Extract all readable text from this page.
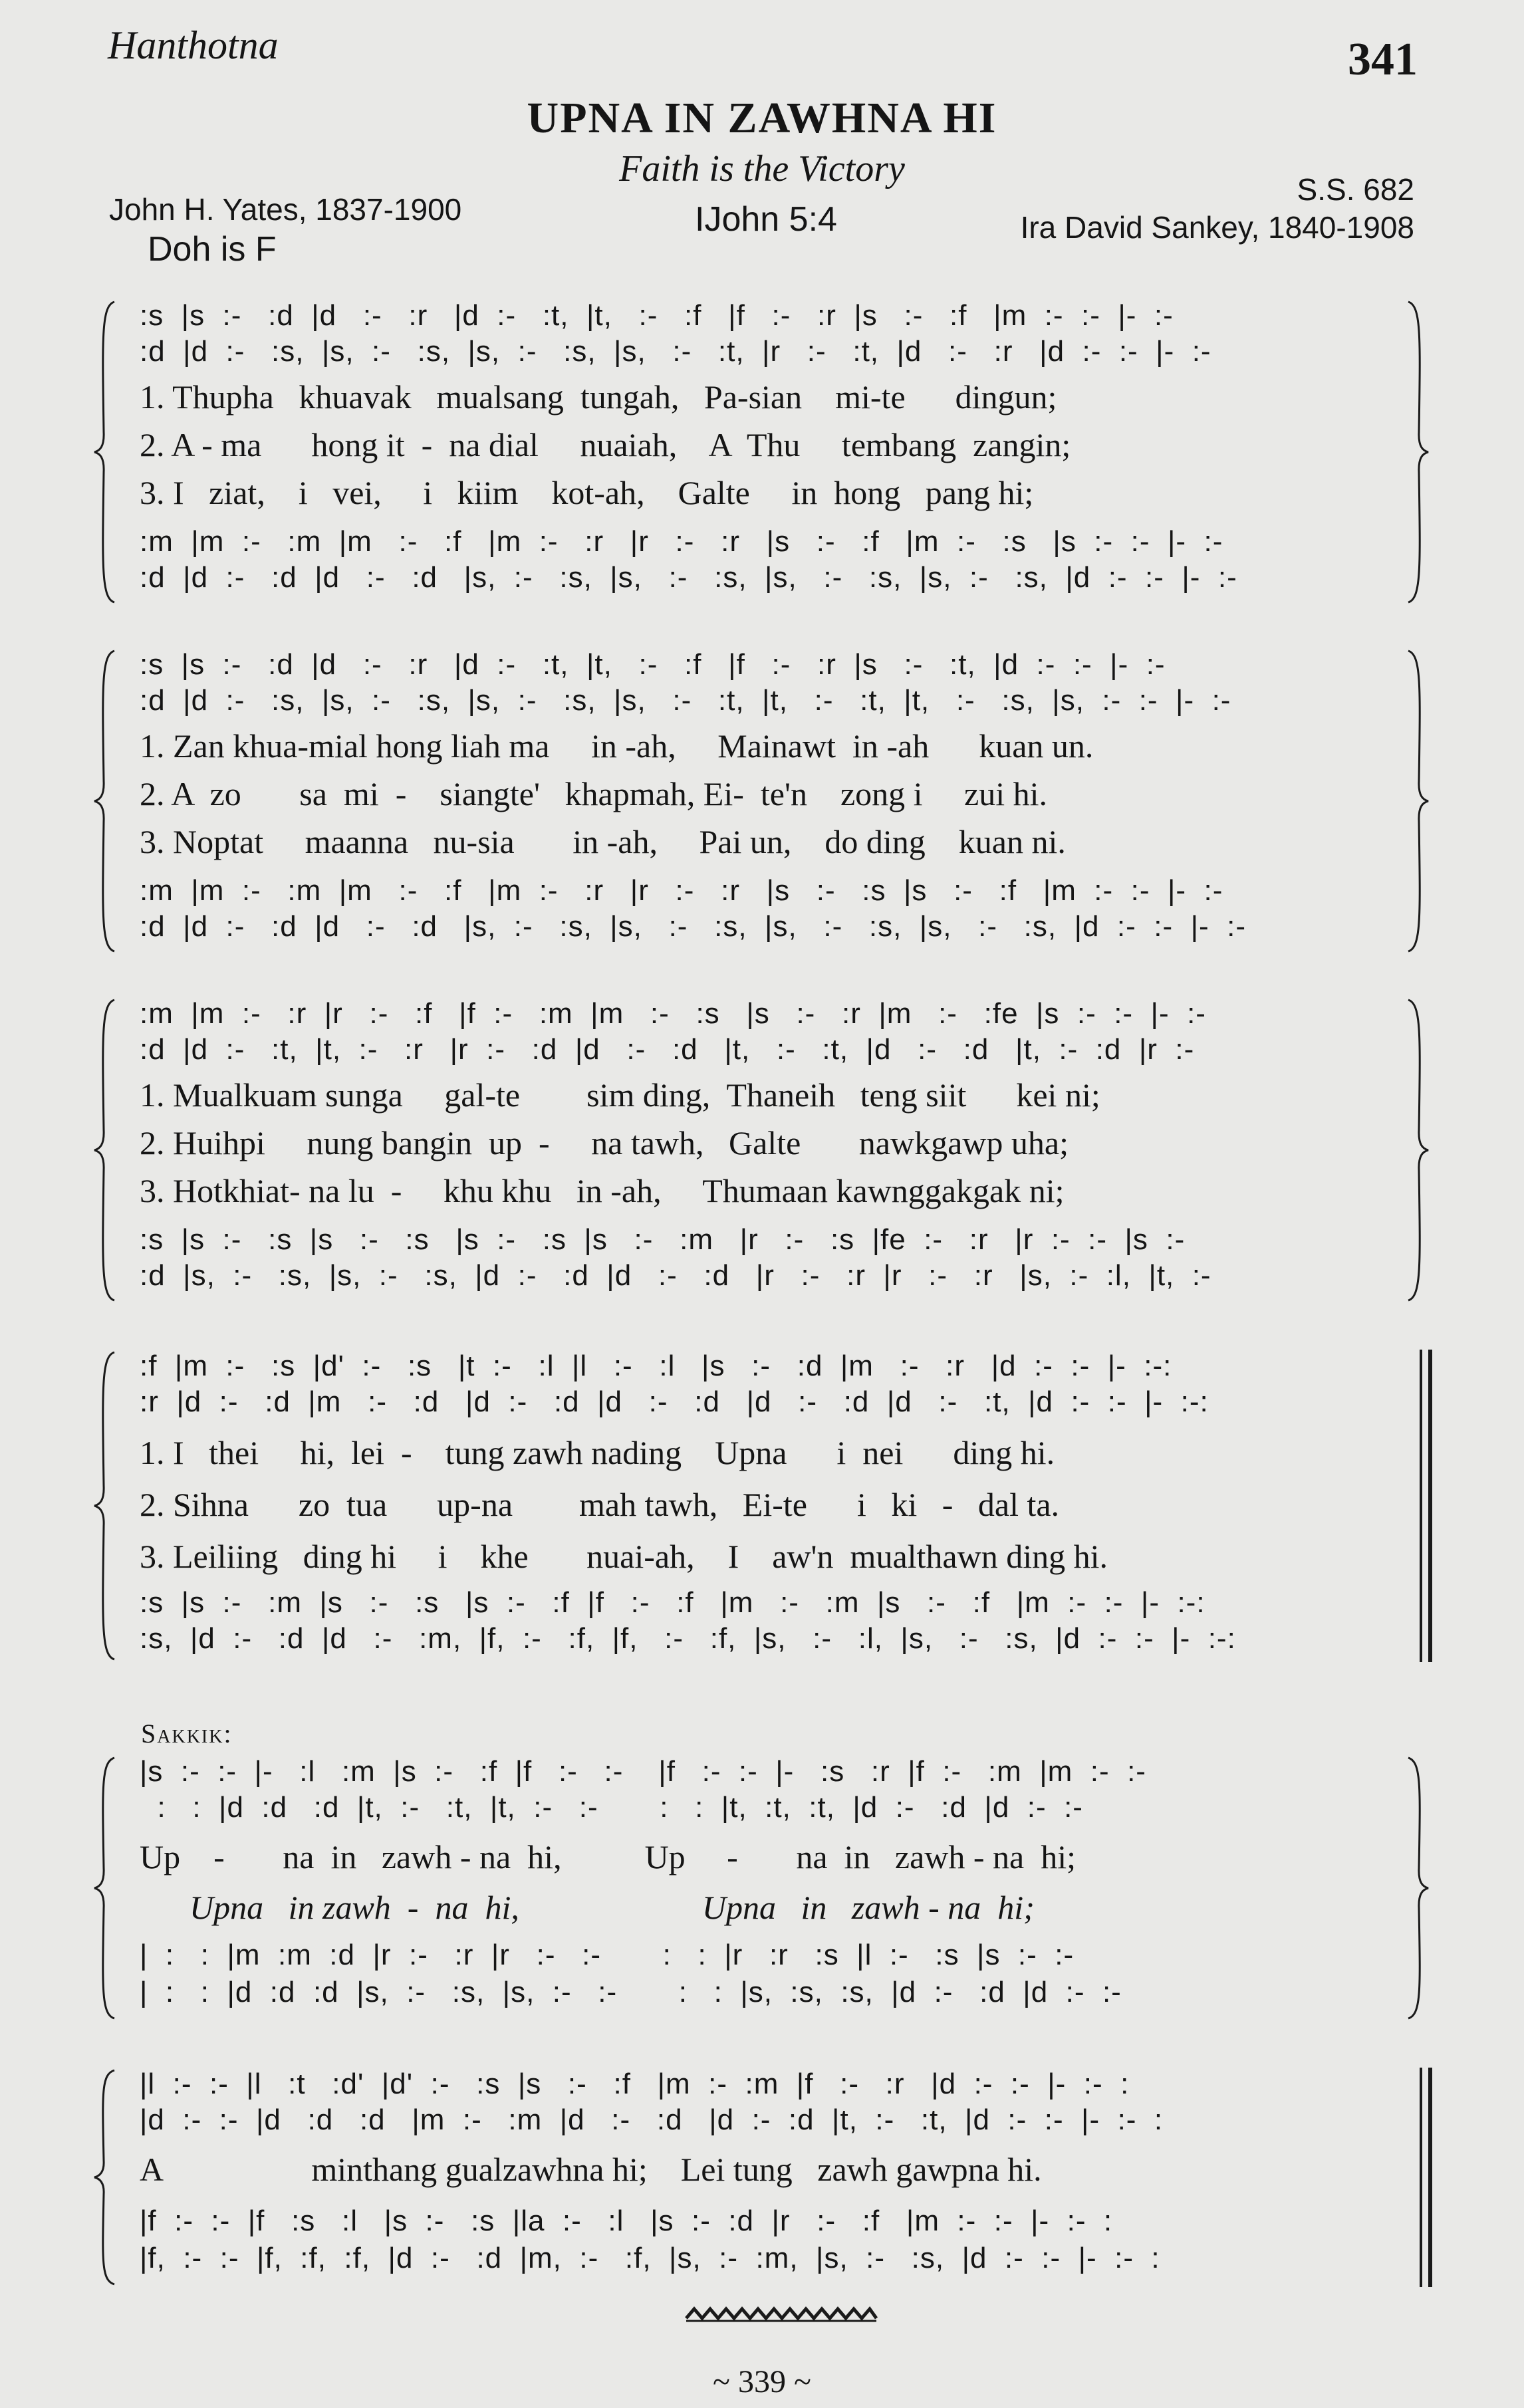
Hanthotna	341
UPNA IN ZAWHNA HI
Faith is the Victory
John H. Yates, 1837-1900	IJohn 5:4
S.S. 682
Ira David Sankey, 1840-1908
Doh is F
:s  |s  :-   :d  |d   :-   :r   |d  :-   :t,  |t,   :-   :f   |f   :-   :r  |s   :-   :f   |m  :-  :-  |-  :-
:d  |d  :-   :s,  |s,  :-   :s,  |s,  :-   :s,  |s,   :-   :t,  |r   :-   :t,  |d   :-   :r   |d  :-  :-  |-  :-
1. Thupha   khuavak   mualsang  tungah,   Pa-sian    mi-te      dingun;
2. A - ma      hong it  -  na dial     nuaiah,    A  Thu     tembang  zangin;
3. I   ziat,    i   vei,     i   kiim    kot-ah,    Galte     in  hong   pang hi;
:m  |m  :-   :m  |m   :-   :f   |m  :-   :r   |r   :-   :r   |s   :-   :f   |m  :-   :s   |s  :-  :-  |-  :-
:d  |d  :-   :d  |d   :-   :d   |s,  :-   :s,  |s,   :-   :s,  |s,   :-   :s,  |s,  :-   :s,  |d  :-  :-  |-  :-
:s  |s  :-   :d  |d   :-   :r   |d  :-   :t,  |t,   :-   :f   |f   :-   :r  |s   :-   :t,  |d  :-  :-  |-  :-
:d  |d  :-   :s,  |s,  :-   :s,  |s,  :-   :s,  |s,   :-   :t,  |t,   :-   :t,  |t,   :-   :s,  |s,  :-  :-  |-  :-
1. Zan khua-mial hong liah ma     in -ah,     Mainawt  in -ah      kuan un.
2. A  zo       sa  mi  -    siangte'   khapmah, Ei-  te'n    zong i     zui hi.
3. Noptat     maanna   nu-sia       in -ah,     Pai un,    do ding    kuan ni.
:m  |m  :-   :m  |m   :-   :f   |m  :-   :r   |r   :-   :r   |s   :-   :s  |s   :-   :f   |m  :-  :-  |-  :-
:d  |d  :-   :d  |d   :-   :d   |s,  :-   :s,  |s,   :-   :s,  |s,   :-   :s,  |s,   :-   :s,  |d  :-  :-  |-  :-
:m  |m  :-   :r  |r   :-   :f   |f  :-   :m  |m   :-   :s   |s   :-   :r  |m   :-   :fe  |s  :-  :-  |-  :-
:d  |d  :-   :t,  |t,  :-   :r   |r  :-   :d  |d   :-   :d   |t,   :-   :t,  |d   :-   :d   |t,  :-  :d  |r  :-
1. Mualkuam sunga     gal-te        sim ding,  Thaneih   teng siit      kei ni;
2. Huihpi     nung bangin  up  -     na tawh,   Galte       nawkgawp uha;
3. Hotkhiat- na lu  -     khu khu   in -ah,     Thumaan kawnggakgak ni;
:s  |s  :-   :s  |s   :-   :s   |s  :-   :s  |s   :-   :m   |r   :-   :s  |fe  :-   :r   |r  :-  :-  |s  :-
:d  |s,  :-   :s,  |s,  :-   :s,  |d  :-   :d  |d   :-   :d   |r   :-   :r  |r   :-   :r   |s,  :-  :l,  |t,  :-
:f  |m  :-   :s  |d'  :-   :s   |t  :-   :l  |l   :-   :l   |s   :-   :d  |m   :-   :r   |d  :-  :-  |-  :-:
:r  |d  :-   :d  |m   :-   :d   |d  :-   :d  |d   :-   :d   |d   :-   :d  |d   :-   :t,  |d  :-  :-  |-  :-:
1. I   thei     hi,  lei  -    tung zawh nading    Upna      i  nei      ding hi.
2. Sihna      zo  tua      up-na        mah tawh,   Ei-te      i   ki   -   dal ta.
3. Leiliing   ding hi     i    khe       nuai-ah,    I    aw'n  mualthawn ding hi.
:s  |s  :-   :m  |s   :-   :s   |s  :-   :f  |f   :-   :f   |m   :-   :m  |s   :-   :f   |m  :-  :-  |-  :-:
:s,  |d  :-   :d  |d   :-   :m,  |f,  :-   :f,  |f,   :-   :f,  |s,   :-   :l,  |s,   :-   :s,  |d  :-  :-  |-  :-:
Sakkik:
|s  :-  :-  |-   :l   :m  |s  :-   :f  |f   :-   :-    |f   :-  :-  |-   :s   :r  |f  :-   :m  |m  :-  :-
:   :  |d  :d   :d  |t,  :-   :t,  |t,  :-   :-       :   :  |t,  :t,  :t,  |d  :-   :d  |d  :-  :-
Up    -       na  in   zawh - na  hi,          Up     -       na  in   zawh - na  hi;
Upna   in zawh  -  na  hi,                      Upna   in   zawh - na  hi;
|  :   :  |m  :m  :d  |r  :-   :r  |r   :-   :-       :   :  |r   :r   :s  |l  :-   :s  |s  :-  :-
|  :   :  |d  :d  :d  |s,  :-   :s,  |s,  :-   :-       :   :  |s,  :s,  :s,  |d  :-   :d  |d  :-  :-
|l  :-  :-  |l   :t   :d'  |d'  :-   :s  |s   :-   :f   |m  :-  :m  |f   :-   :r   |d  :-  :-  |-  :-  :
|d  :-  :-  |d   :d   :d   |m  :-   :m  |d   :-   :d   |d  :-  :d  |t,  :-   :t,  |d  :-  :-  |-  :-  :
A                  minthang gualzawhna hi;    Lei tung   zawh gawpna hi.
|f  :-  :-  |f   :s   :l   |s  :-   :s  |la  :-   :l   |s  :-  :d  |r   :-   :f   |m  :-  :-  |-  :-  :
|f,  :-  :-  |f,  :f,  :f,  |d  :-   :d  |m,  :-   :f,  |s,  :-  :m,  |s,  :-   :s,  |d  :-  :-  |-  :-  :
~ 339 ~
